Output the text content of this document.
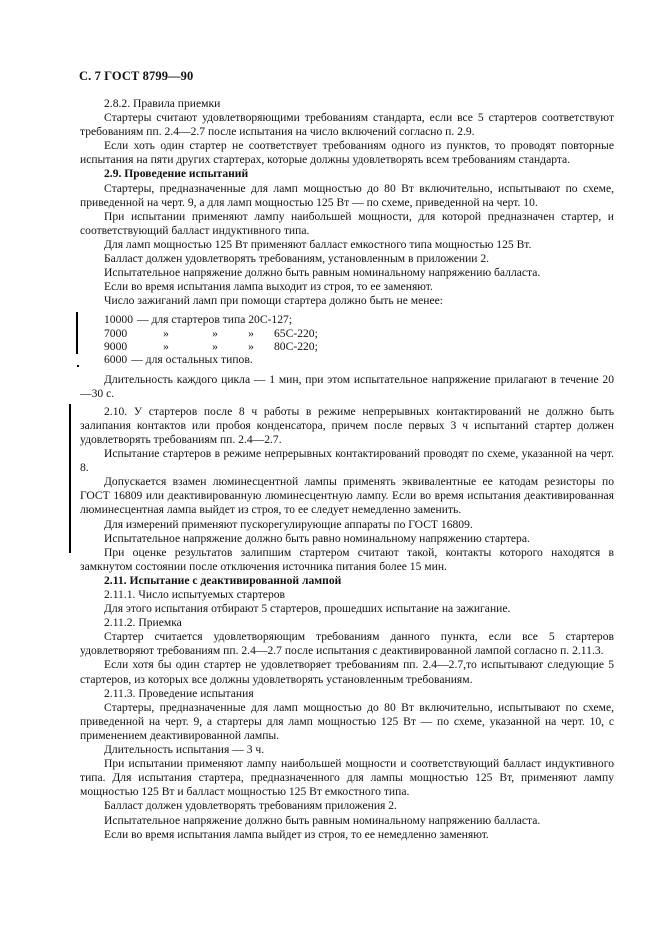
С. 7 ГОСТ 8799—90

2.8.2. Правила приемки

Стартеры считают удовлетворяющими требованиям стандарта, если все 5 стартеров соответствуют требованиям пп. 2.4—2.7 после испытания на число включений согласно п. 2.9.

Если хоть один стартер не соответствует требованиям одного из пунктов, то проводят повторные испытания на пяти других стартерах, которые должны удовлетворять всем требованиям стандарта.

2.9. Проведение испытаний

Стартеры, предназначенные для ламп мощностью до 80 Вт включительно, испытывают по схеме, приведенной на черт. 9, а для ламп мощностью 125 Вт — по схеме, приведенной на черт. 10.

При испытании применяют лампу наибольшей мощности, для которой предназначен стартер, и соответствующий балласт индуктивного типа.

Для ламп мощностью 125 Вт применяют балласт емкостного типа мощностью 125 Вт.

Балласт должен удовлетворять требованиям, установленным в приложении 2.

Испытательное напряжение должно быть равным номинальному напряжению балласта.

Если во время испытания лампа выходит из строя, то ее заменяют.

Число зажиганий ламп при помощи стартера должно быть не менее:

10000 — для стартеров типа 20С-127;
7000	»	»	»	65С-220;
9000	»	»	»	80С-220;
6000 — для остальных типов.

Длительность каждого цикла — 1 мин, при этом испытательное напряжение прилагают в течение 20—30 с.

2.10. У стартеров после 8 ч работы в режиме непрерывных контактирований не должно быть залипания контактов или пробоя конденсатора, причем после первых 3 ч испытаний стартер должен удовлетворять требованиям пп. 2.4—2.7.

Испытание стартеров в режиме непрерывных контактирований проводят по схеме, указанной на черт. 8.

Допускается взамен люминесцентной лампы применять эквивалентные ее катодам резисторы по ГОСТ 16809 или деактивированную люминесцентную лампу. Если во время испытания деактивированная люминесцентная лампа выйдет из строя, то ее следует немедленно заменить.

Для измерений применяют пускорегулирующие аппараты по ГОСТ 16809.

Испытательное напряжение должно быть равно номинальному напряжению стартера.

При оценке результатов залипшим стартером считают такой, контакты которого находятся в замкнутом состоянии после отключения источника питания более 15 мин.

2.11. Испытание с деактивированной лампой

2.11.1. Число испытуемых стартеров

Для этого испытания отбирают 5 стартеров, прошедших испытание на зажигание.

2.11.2. Приемка

Стартер считается удовлетворяющим требованиям данного пункта, если все 5 стартеров удовлетворяют требованиям пп. 2.4—2.7 после испытания с деактивированной лампой согласно п. 2.11.3.

Если хотя бы один стартер не удовлетворяет требованиям пп. 2.4—2.7,то испытывают следующие 5 стартеров, из которых все должны удовлетворять установленным требованиям.

2.11.3. Проведение испытания

Стартеры, предназначенные для ламп мощностью до 80 Вт включительно, испытывают по схеме, приведенной на черт. 9, а стартеры для ламп мощностью 125 Вт — по схеме, указанной на черт. 10, с применением деактивированной лампы.

Длительность испытания — 3 ч.

При испытании применяют лампу наибольшей мощности и соответствующий балласт индуктивного типа. Для испытания стартера, предназначенного для лампы мощностью 125 Вт, применяют лампу мощностью 125 Вт и балласт мощностью 125 Вт емкостного типа.

Балласт должен удовлетворять требованиям приложения 2.

Испытательное напряжение должно быть равным номинальному напряжению балласта.

Если во время испытания лампа выйдет из строя, то ее немедленно заменяют.
